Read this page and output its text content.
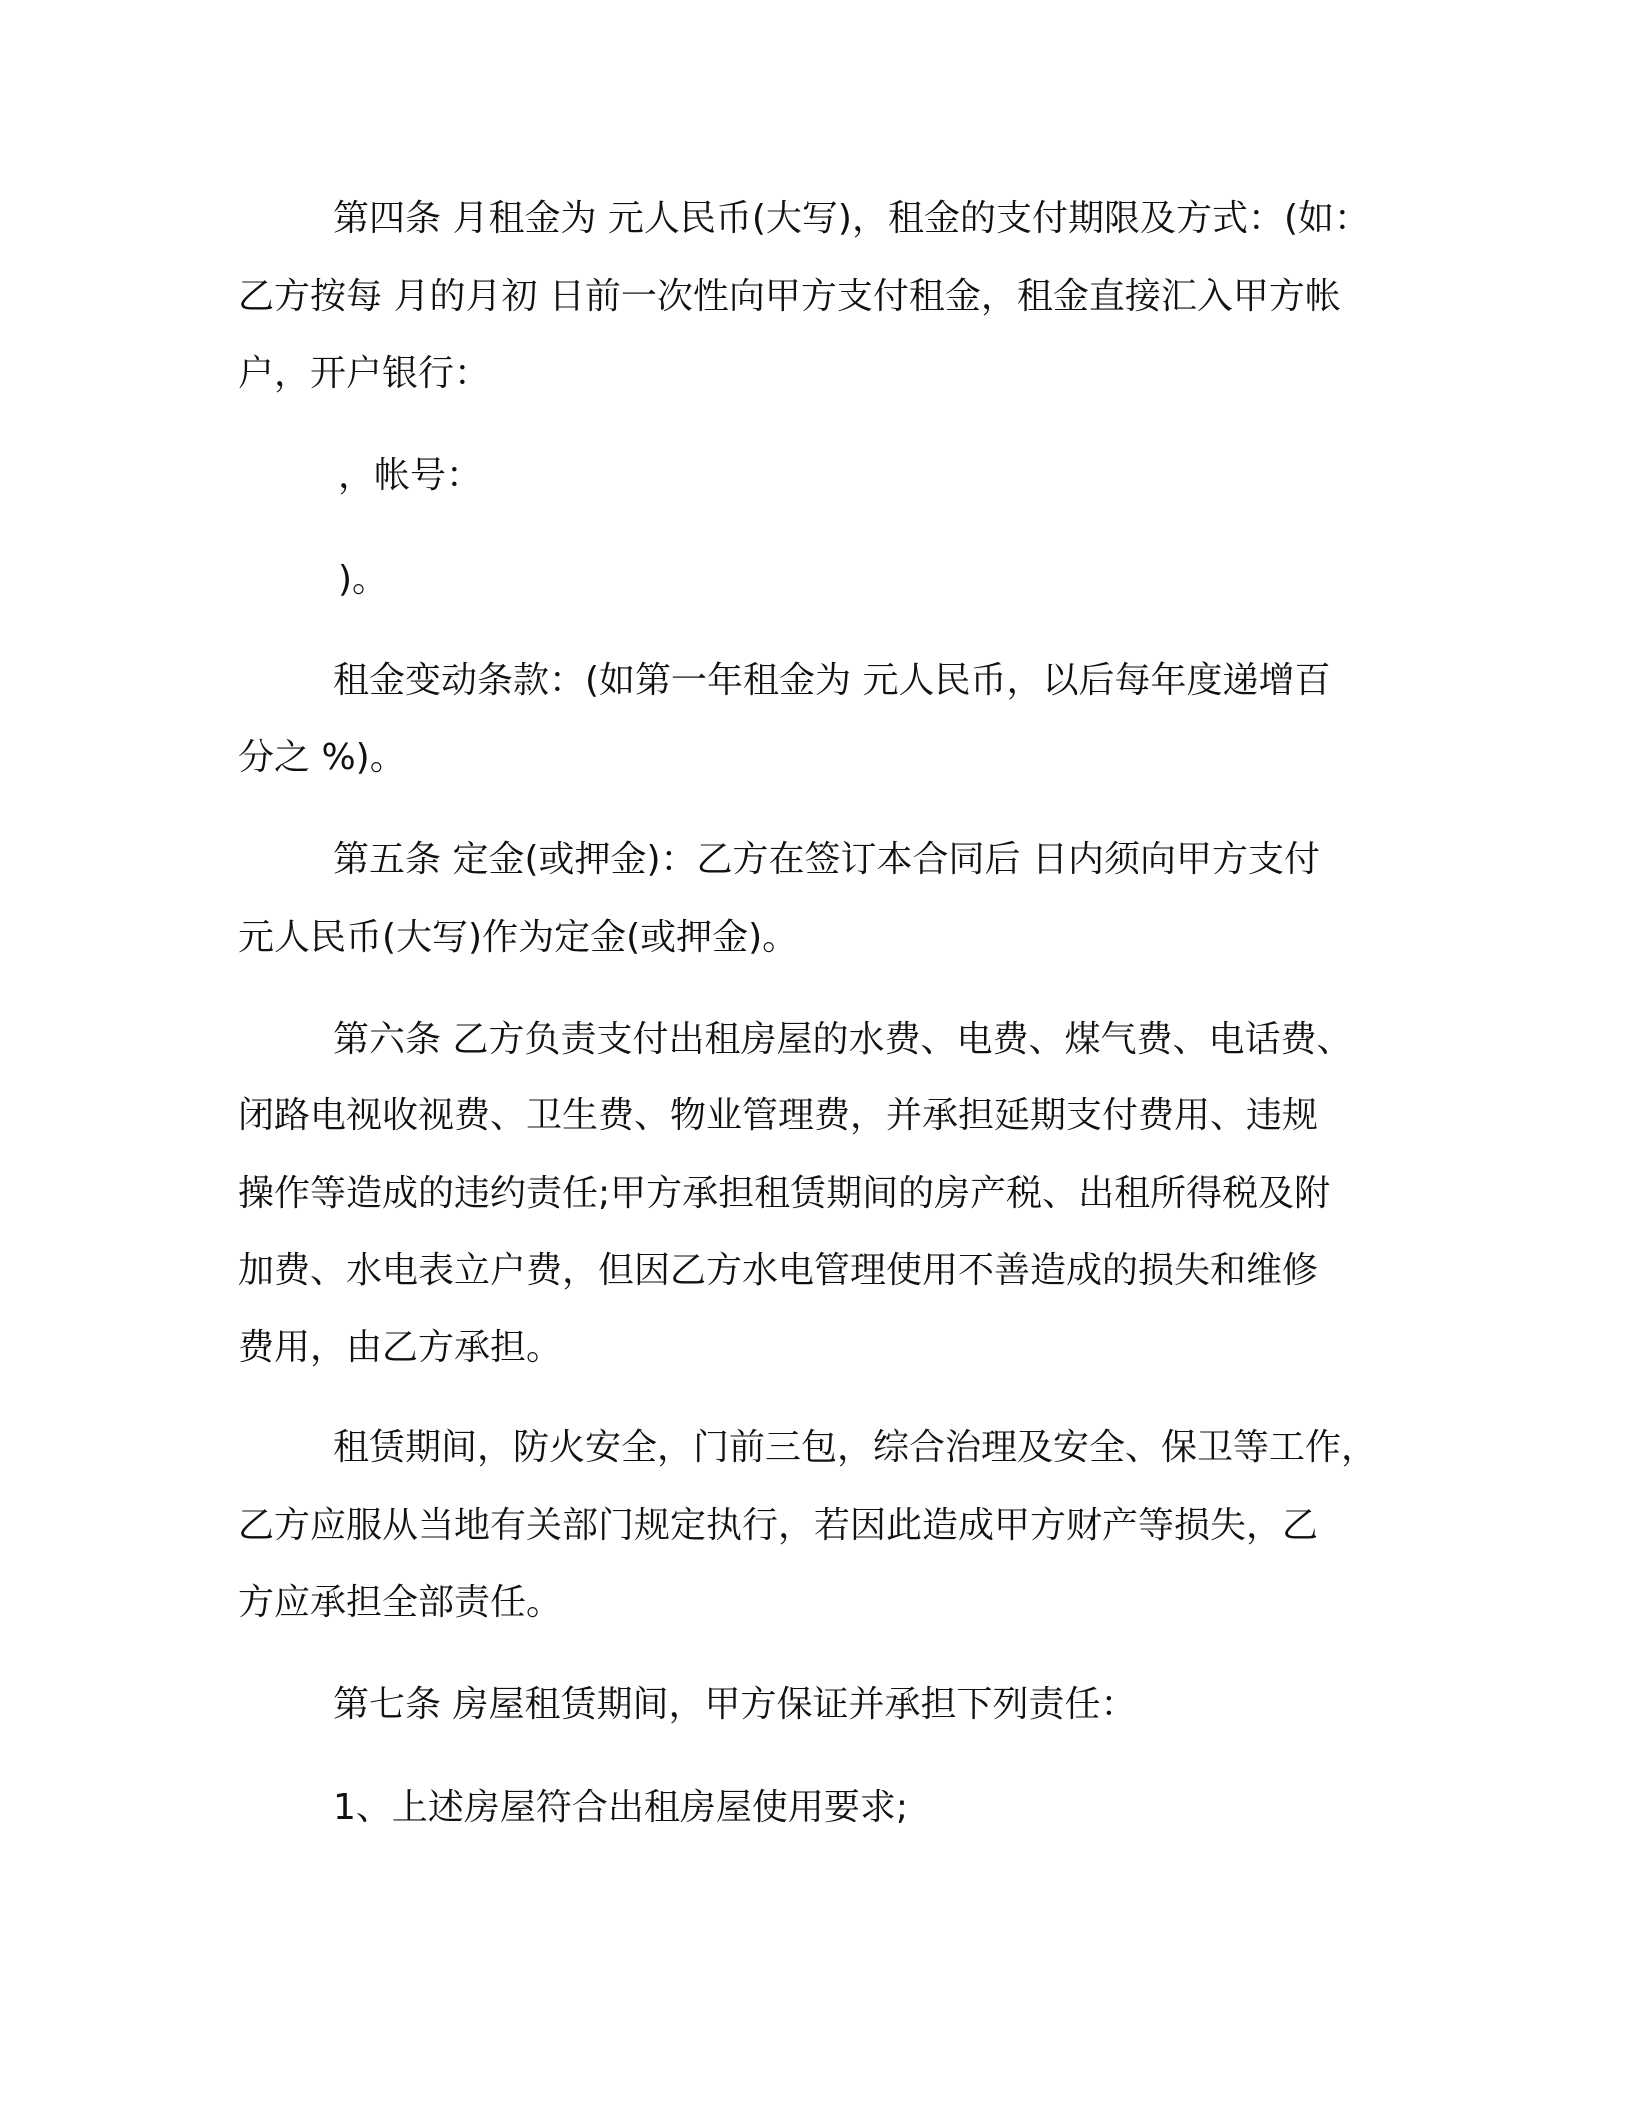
第四条 月租金为 元人民币(大写)，租金的支付期限及方式：(如：
乙方按每 月的月初 日前一次性向甲方支付租金，租金直接汇入甲方帐
户，开户银行：
，帐号：
)。
租金变动条款：(如第一年租金为 元人民币，以后每年度递增百
分之 %)。
第五条 定金(或押金)：乙方在签订本合同后 日内须向甲方支付
元人民币(大写)作为定金(或押金)。
第六条 乙方负责支付出租房屋的水费、电费、煤气费、电话费、
闭路电视收视费、卫生费、物业管理费，并承担延期支付费用、违规
操作等造成的违约责任;甲方承担租赁期间的房产税、出租所得税及附
加费、水电表立户费，但因乙方水电管理使用不善造成的损失和维修
费用，由乙方承担。
租赁期间，防火安全，门前三包，综合治理及安全、保卫等工作，
乙方应服从当地有关部门规定执行，若因此造成甲方财产等损失，乙
方应承担全部责任。
第七条 房屋租赁期间，甲方保证并承担下列责任：
1、上述房屋符合出租房屋使用要求;
